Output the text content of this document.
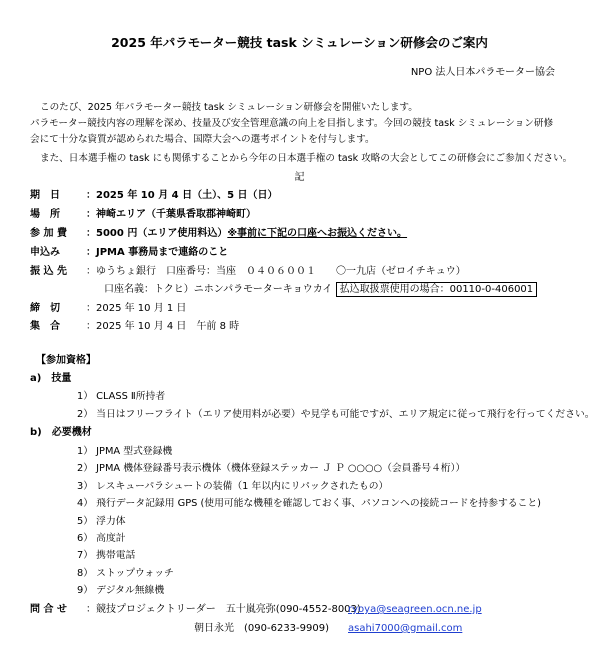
2025 年パラモーター競技 task シミュレーション研修会のご案内
NPO 法人日本パラモーター協会
このたび、2025 年パラモーター競技 task シミュレーション研修会を開催いたします。
パラモーター競技内容の理解を深め、技量及び安全管理意識の向上を目指します。今回の競技 task シミュレーション研修
会にて十分な資質が認められた場合、国際大会への選考ポイントを付与します。
また、日本選手権の task にも関係することから今年の日本選手権の task 攻略の大会としてこの研修会にご参加ください。
記
期　日	：2025 年 10 月 4 日（土）、5 日（日）
場　所	：神崎エリア（千葉県香取郡神崎町）
参 加 費 ：5000 円（エリア使用料込）※事前に下記の口座へお振込ください。
申込み	：JPMA 事務局まで連絡のこと
振 込 先 ：ゆうちょ銀行　口座番号：当座　０４０６００１　　〇一九店（ゼロイチキュウ）
口座名義：トクヒ）ニホンパラモーターキョウカイ 払込取扱票使用の場合：00110-0-406001
締　切	：2025 年 10 月 1 日
集　合	：2025 年 10 月 4 日　午前 8 時
【参加資格】
a)　技量
1） CLASS Ⅱ所持者
2） 当日はフリーフライト（エリア使用料が必要）や見学も可能ですが、エリア規定に従って飛行を行ってください。
b)　必要機材
1） JPMA 型式登録機
2） JPMA 機体登録番号表示機体（機体登録ステッカー Ｊ Ｐ ○○○○（会員番号４桁））
3） レスキューパラシュートの装備（1 年以内にリパックされたもの）
4） 飛行データ記録用 GPS (使用可能な機種を確認しておく事、パソコンへの接続コードを持参すること)
5） 浮力体
6） 高度計
7） 携帯電話
8） ストップウォッチ
9） デジタル無線機
問 合 せ ：競技プロジェクトリーダー　五十嵐亮弥(090-4552-8003)
ryoya@seagreen.ocn.ne.jp
朝日永光　(090-6233-9909) asahi7000@gmail.com
